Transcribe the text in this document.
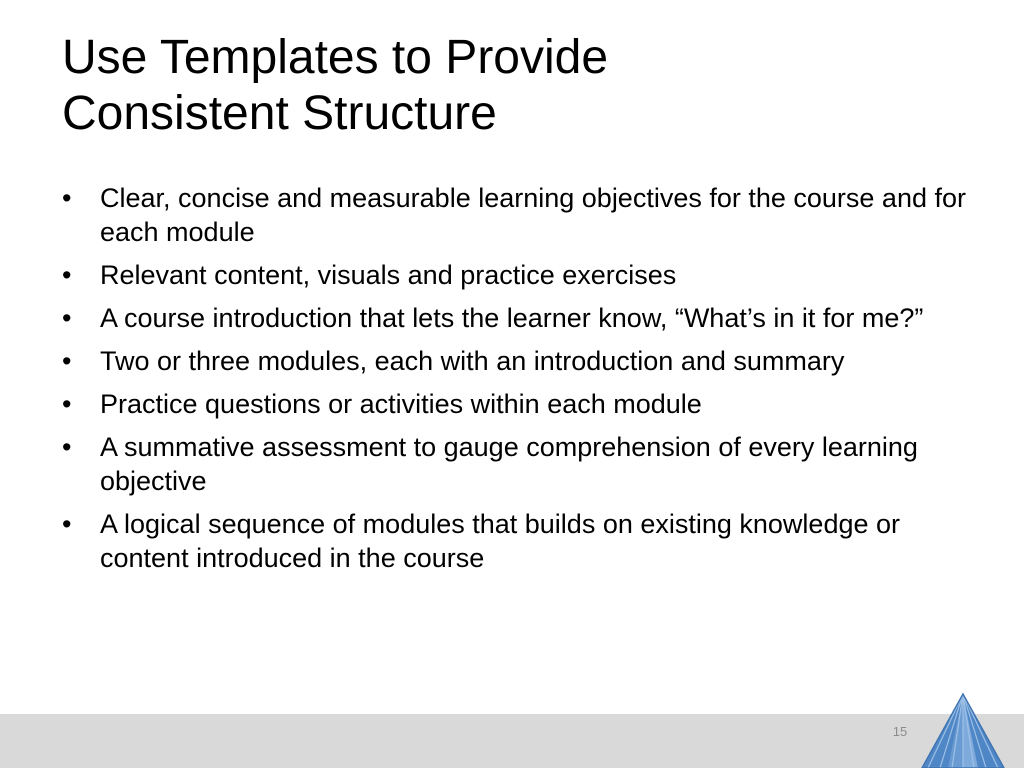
Use Templates to Provide
Consistent Structure
•	Clear, concise and measurable learning objectives for the course and for each module
•	Relevant content, visuals and practice exercises
•	A course introduction that lets the learner know, “What’s in it for me?”
•	Two or three modules, each with an introduction and summary
•	Practice questions or activities within each module
•	A summative assessment to gauge comprehension of every learning objective
•	A logical sequence of modules that builds on existing knowledge or content introduced in the course
15
